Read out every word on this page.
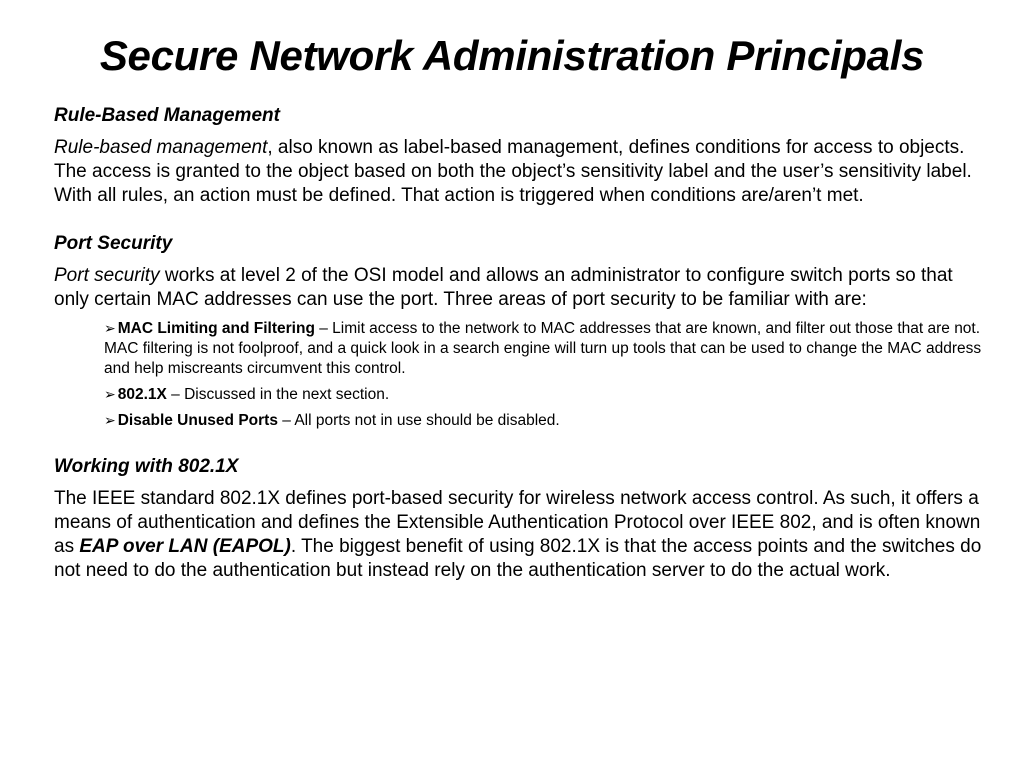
Secure Network Administration Principals

Rule-Based Management

Rule-based management, also known as label-based management, defines conditions for access to objects. The access is granted to the object based on both the object’s sensitivity label and the user’s sensitivity label. With all rules, an action must be defined. That action is triggered when conditions are/aren’t met.

Port Security

Port security works at level 2 of the OSI model and allows an administrator to configure switch ports so that only certain MAC addresses can use the port. Three areas of port security to be familiar with are:

➢ MAC Limiting and Filtering – Limit access to the network to MAC addresses that are known, and filter out those that are not. MAC filtering is not foolproof, and a quick look in a search engine will turn up tools that can be used to change the MAC address and help miscreants circumvent this control.
➢ 802.1X – Discussed in the next section.
➢ Disable Unused Ports – All ports not in use should be disabled.

Working with 802.1X

The IEEE standard 802.1X defines port-based security for wireless network access control. As such, it offers a means of authentication and defines the Extensible Authentication Protocol over IEEE 802, and is often known as EAP over LAN (EAPOL). The biggest benefit of using 802.1X is that the access points and the switches do not need to do the authentication but instead rely on the authentication server to do the actual work.
